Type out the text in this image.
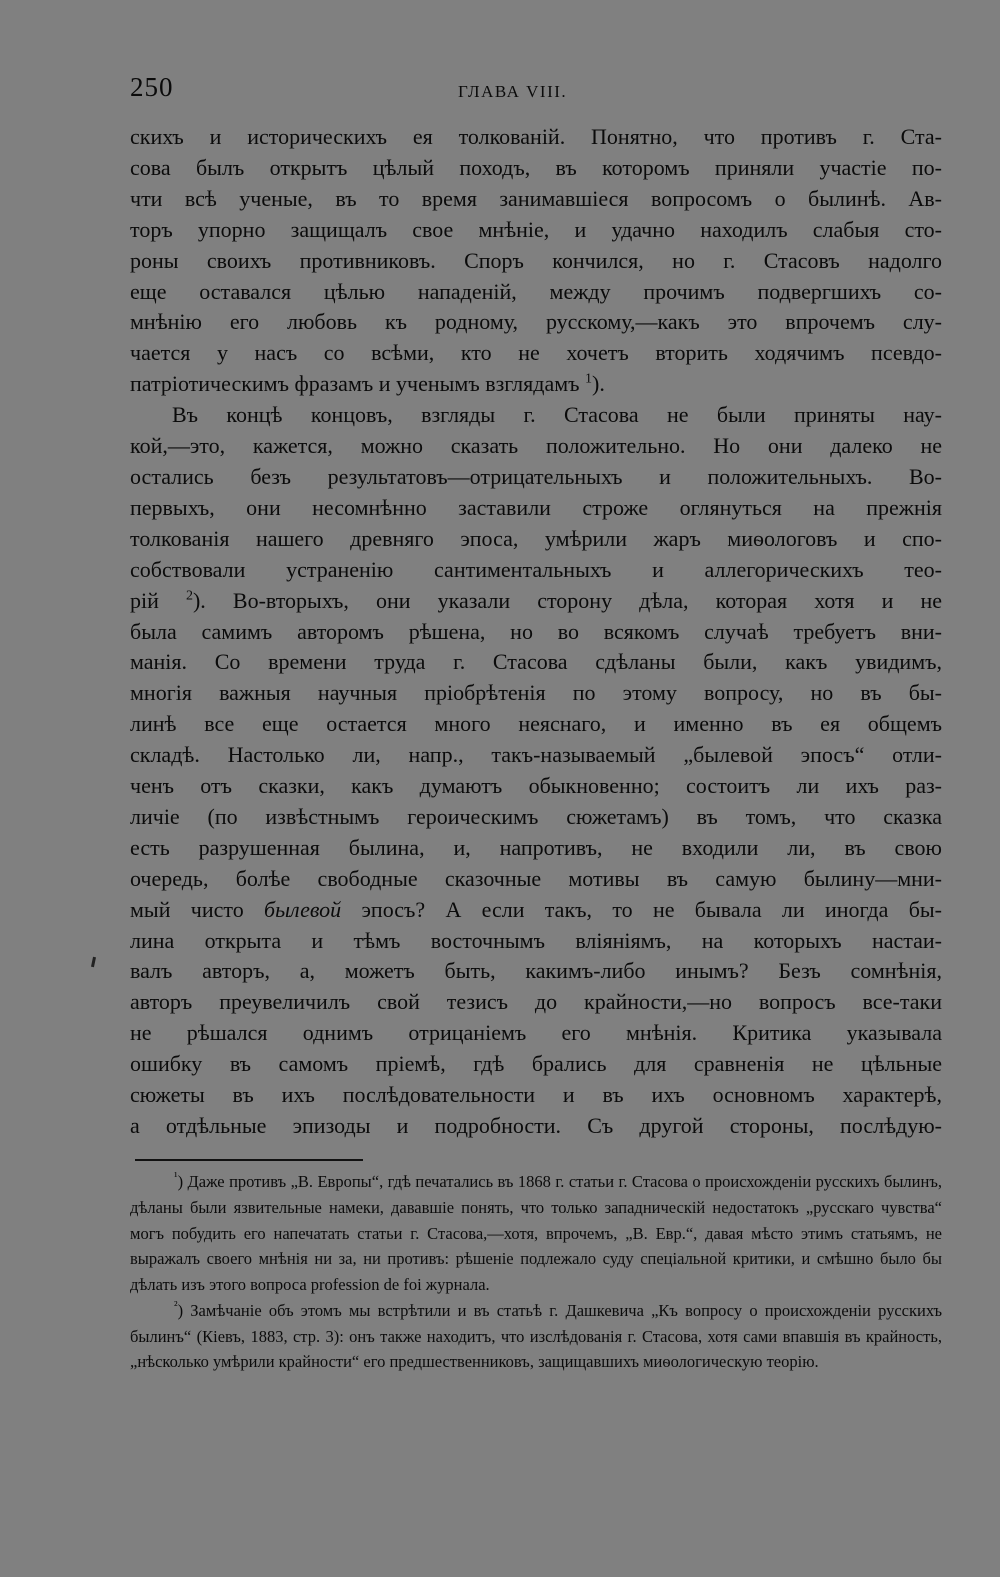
250	ГЛАВА VIII.

скихъ и историческихъ ея толкованій. Понятно, что противъ г. Ста-

сова былъ открытъ цѣлый походъ, въ которомъ приняли участіе по-

чти всѣ ученые, въ то время занимавшіеся вопросомъ о былинѣ. Ав-

торъ упорно защищалъ свое мнѣніе, и удачно находилъ слабыя сто-

роны своихъ противниковъ. Споръ кончился, но г. Стасовъ надолго

еще оставался цѣлью нападеній, между прочимъ подвергшихъ со-

мнѣнію его любовь къ родному, русскому,—какъ это впрочемъ слу-

чается у насъ со всѣми, кто не хочетъ вторить ходячимъ псевдо-

патріотическимъ фразамъ и ученымъ взглядамъ $^1$).

Въ концѣ концовъ, взгляды г. Стасова не были приняты нау-

кой,—это, кажется, можно сказать положительно. Но они далеко не

остались безъ результатовъ—отрицательныхъ и положительныхъ. Во-

первыхъ, они несомнѣнно заставили строже оглянуться на прежнія

толкованія нашего древняго эпоса, умѣрили жаръ миѳологовъ и спо-

собствовали устраненію сантиментальныхъ и аллегорическихъ тео-

рій $^2$). Во-вторыхъ, они указали сторону дѣла, которая хотя и не

была самимъ авторомъ рѣшена, но во всякомъ случаѣ требуетъ вни-

манія. Со времени труда г. Стасова сдѣланы были, какъ увидимъ,

многія важныя научныя пріобрѣтенія по этому вопросу, но въ бы-

линѣ все еще остается много неяснаго, и именно въ ея общемъ

складѣ. Настолько ли, напр., такъ-называемый „былевой эпосъ“ отли-

ченъ отъ сказки, какъ думаютъ обыкновенно; состоитъ ли ихъ раз-

личіе (по извѣстнымъ героическимъ сюжетамъ) въ томъ, что сказка

есть разрушенная былина, и, напротивъ, не входили ли, въ свою

очередь, болѣе свободные сказочные мотивы въ самую былину—мни-

мый чисто былевой эпосъ? А если такъ, то не бывала ли иногда бы-

лина открыта и тѣмъ восточнымъ вліяніямъ, на которыхъ настаи-

валъ авторъ, а, можетъ быть, какимъ-либо инымъ? Безъ сомнѣнія,

авторъ преувеличилъ свой тезисъ до крайности,—но вопросъ все-таки

не рѣшался однимъ отрицаніемъ его мнѣнія. Критика указывала

ошибку въ самомъ пріемѣ, гдѣ брались для сравненія не цѣльные

сюжеты въ ихъ послѣдовательности и въ ихъ основномъ характерѣ,

а отдѣльные эпизоды и подробности. Съ другой стороны, послѣдую-

$^{^1}$) Даже противъ „В. Европы“, гдѣ печатались въ 1868 г. статьи г. Стасова о происхожденіи русскихъ былинъ, дѣланы были язвительные намеки, дававшіе понять, что только западническій недостатокъ „русскаго чувства“ могъ побудить его напечатать статьи г. Стасова,—хотя, впрочемъ, „В. Евр.“, давая мѣсто этимъ статьямъ, не выражалъ своего мнѣнія ни за, ни противъ: рѣшеніе подлежало суду спеціальной критики, и смѣшно было бы дѣлать изъ этого вопроса profession de foi журнала.

$^{^2}$) Замѣчаніе объ этомъ мы встрѣтили и въ статьѣ г. Дашкевича „Къ вопросу о происхожденіи русскихъ былинъ“ (Кіевъ, 1883, стр. 3): онъ также находитъ, что изслѣдованія г. Стасова, хотя сами впавшія въ крайность, „нѣсколько умѣрили крайности“ его предшественниковъ, защищавшихъ миѳологическую теорію.
